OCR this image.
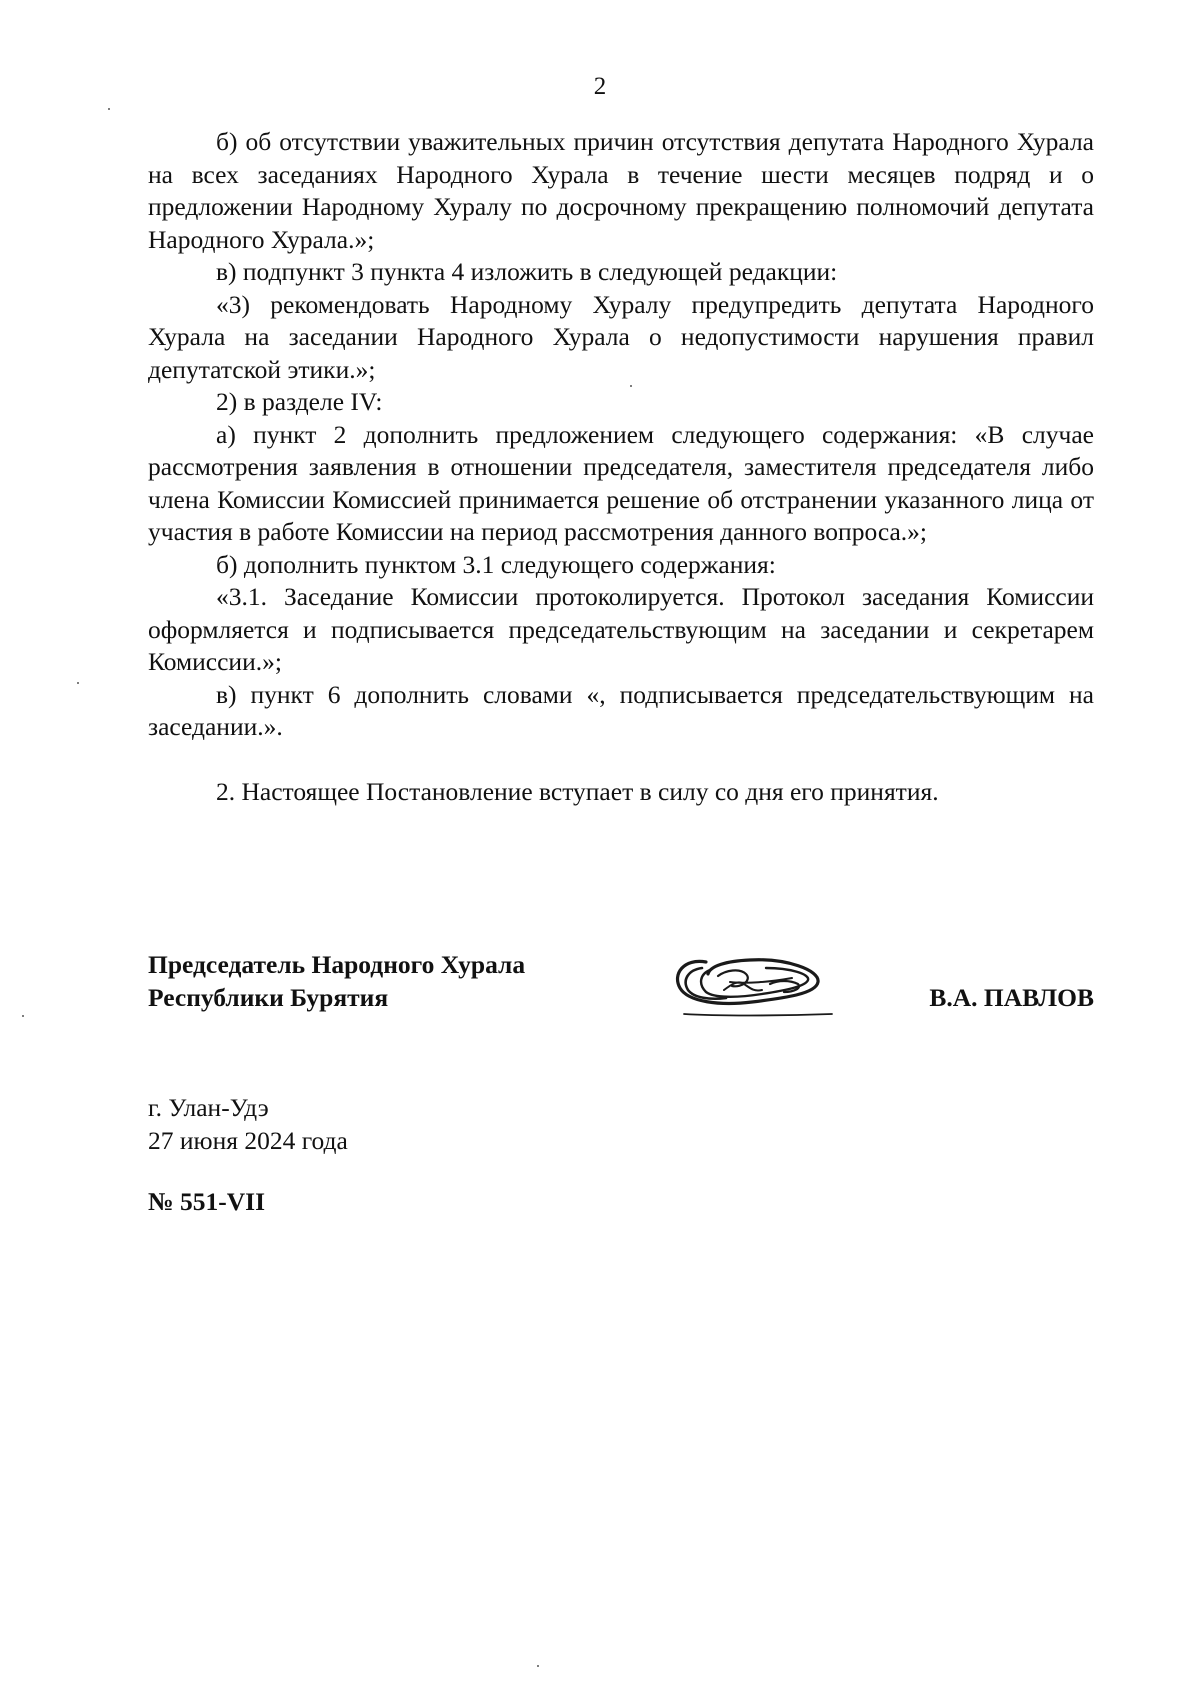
2

б) об отсутствии уважительных причин отсутствия депутата Народного Хурала на всех заседаниях Народного Хурала в течение шести месяцев подряд и о предложении Народному Хуралу по досрочному прекращению полномочий депутата Народного Хурала.»;

в) подпункт 3 пункта 4 изложить в следующей редакции:

«3) рекомендовать Народному Хуралу предупредить депутата Народного Хурала на заседании Народного Хурала о недопустимости нарушения правил депутатской этики.»;

2) в разделе IV:

а) пункт 2 дополнить предложением следующего содержания: «В случае рассмотрения заявления в отношении председателя, заместителя председателя либо члена Комиссии Комиссией принимается решение об отстранении указанного лица от участия в работе Комиссии на период рассмотрения данного вопроса.»;

б) дополнить пунктом 3.1 следующего содержания:

«3.1. Заседание Комиссии протоколируется. Протокол заседания Комиссии оформляется и подписывается председательствующим на заседании и секретарем Комиссии.»;

в) пункт 6 дополнить словами «, подписывается председательствующим на заседании.».

2. Настоящее Постановление вступает в силу со дня его принятия.

Председатель Народного Хурала
Республики Бурятия	В.А. ПАВЛОВ
г. Улан-Удэ
27 июня 2024 года
№ 551-VII
